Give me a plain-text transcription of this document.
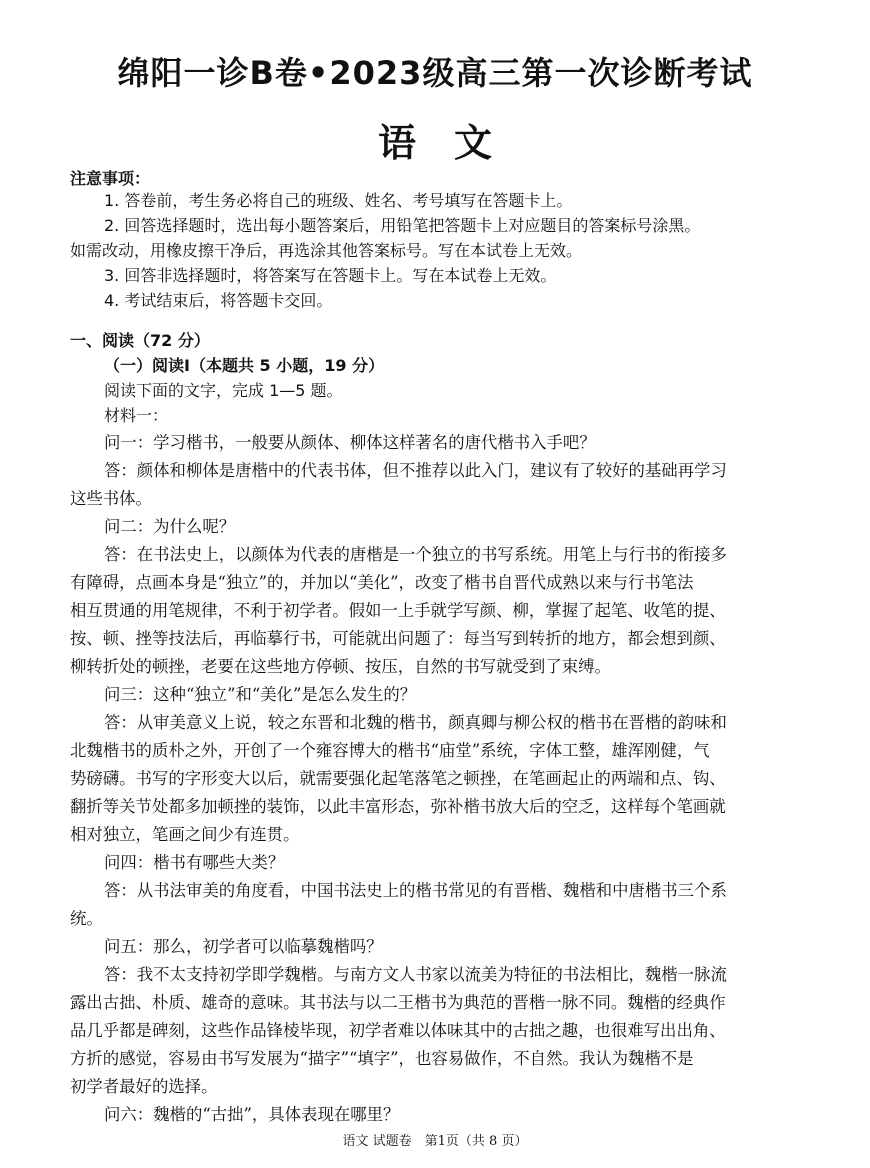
绵阳一诊B卷•2023级高三第一次诊断考试
语　文
注意事项：
1. 答卷前，考生务必将自己的班级、姓名、考号填写在答题卡上。
2. 回答选择题时，选出每小题答案后，用铅笔把答题卡上对应题目的答案标号涂黑。
如需改动，用橡皮擦干净后，再选涂其他答案标号。写在本试卷上无效。
3. 回答非选择题时，将答案写在答题卡上。写在本试卷上无效。
4. 考试结束后，将答题卡交回。
一、阅读（72 分）
（一）阅读Ⅰ（本题共 5 小题，19 分）
阅读下面的文字，完成 1—5 题。
材料一：
问一：学习楷书，一般要从颜体、柳体这样著名的唐代楷书入手吧？
答：颜体和柳体是唐楷中的代表书体，但不推荐以此入门，建议有了较好的基础再学习
这些书体。
问二：为什么呢？
答：在书法史上，以颜体为代表的唐楷是一个独立的书写系统。用笔上与行书的衔接多
有障碍，点画本身是“独立”的，并加以“美化”，改变了楷书自晋代成熟以来与行书笔法
相互贯通的用笔规律，不利于初学者。假如一上手就学写颜、柳，掌握了起笔、收笔的提、
按、顿、挫等技法后，再临摹行书，可能就出问题了：每当写到转折的地方，都会想到颜、
柳转折处的顿挫，老要在这些地方停顿、按压，自然的书写就受到了束缚。
问三：这种“独立”和“美化”是怎么发生的？
答：从审美意义上说，较之东晋和北魏的楷书，颜真卿与柳公权的楷书在晋楷的韵味和
北魏楷书的质朴之外，开创了一个雍容博大的楷书“庙堂”系统，字体工整，雄浑刚健，气
势磅礴。书写的字形变大以后，就需要强化起笔落笔之顿挫，在笔画起止的两端和点、钩、
翻折等关节处都多加顿挫的装饰，以此丰富形态，弥补楷书放大后的空乏，这样每个笔画就
相对独立，笔画之间少有连贯。
问四：楷书有哪些大类？
答：从书法审美的角度看，中国书法史上的楷书常见的有晋楷、魏楷和中唐楷书三个系
统。
问五：那么，初学者可以临摹魏楷吗？
答：我不太支持初学即学魏楷。与南方文人书家以流美为特征的书法相比，魏楷一脉流
露出古拙、朴质、雄奇的意味。其书法与以二王楷书为典范的晋楷一脉不同。魏楷的经典作
品几乎都是碑刻，这些作品锋棱毕现，初学者难以体味其中的古拙之趣，也很难写出出角、
方折的感觉，容易由书写发展为“描字”“填字”，也容易做作，不自然。我认为魏楷不是
初学者最好的选择。
问六：魏楷的“古拙”，具体表现在哪里？
语文 试题卷　第1页（共 8 页）
